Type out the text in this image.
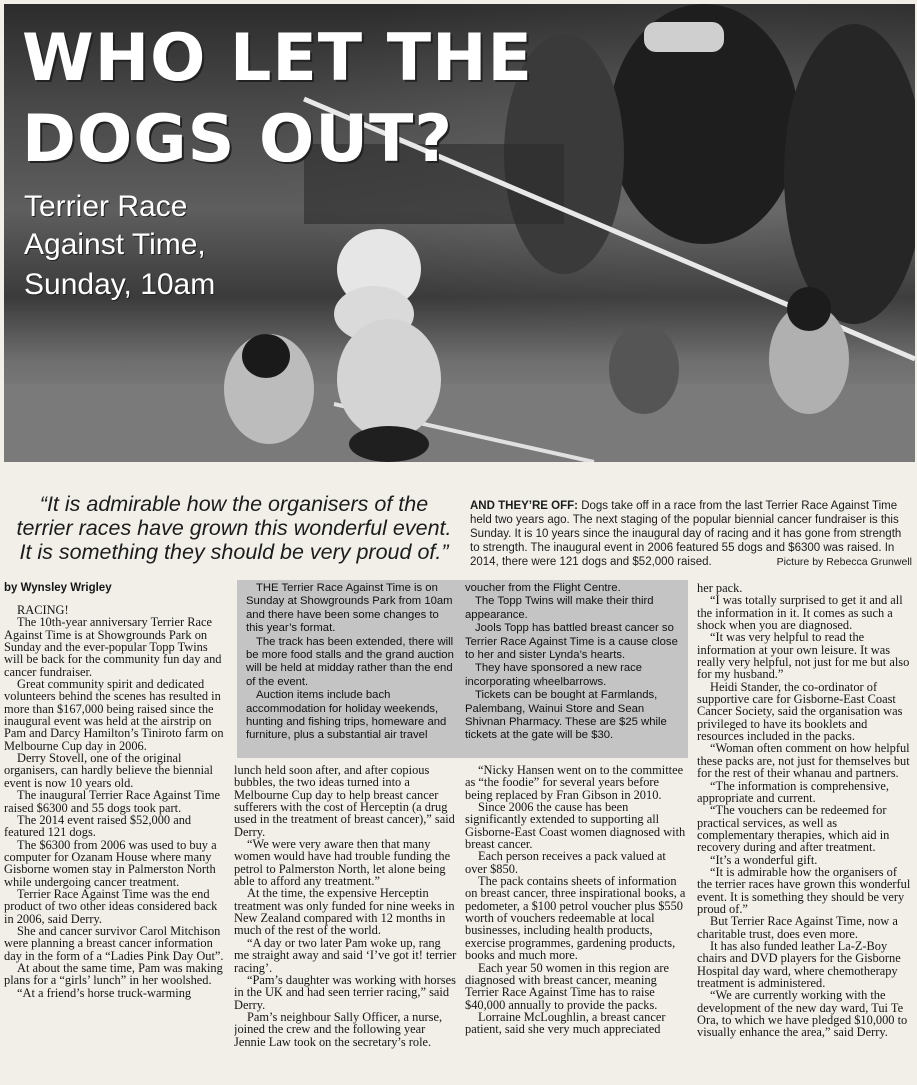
WHO LET THE
DOGS OUT?
Terrier Race
Against Time,
Sunday, 10am
“It is admirable how the organisers of the terrier races have grown this wonderful event. It is something they should be very proud of.”
AND THEY’RE OFF: Dogs take off in a race from the last Terrier Race Against Time held two years ago. The next staging of the popular biennial cancer fundraiser is this Sunday. It is 10 years since the inaugural day of racing and it has gone from strength to strength. The inaugural event in 2006 featured 55 dogs and $6300 was raised. In 2014, there were 121 dogs and $52,000 raised.	Picture by Rebecca Grunwell
by Wynsley Wrigley	THE Terrier Race Against Time is on Sunday at Showgrounds Park from 10am and there have been some changes to this year’s format.

The track has been extended, there will be more food stalls and the grand auction will be held at midday rather than the end of the event.

Auction items include bach accommodation for holiday weekends, hunting and fishing trips, homeware and furniture, plus a substantial air travel

voucher from the Flight Centre.

The Topp Twins will make their third appearance.

Jools Topp has battled breast cancer so Terrier Race Against Time is a cause close to her and sister Lynda’s hearts.

They have sponsored a new race incorporating wheelbarrows.

Tickets can be bought at Farmlands, Palembang, Wainui Store and Sean Shivnan Pharmacy. These are $25 while tickets at the gate will be $30.

RACING!

The 10th-year anniversary Terrier Race Against Time is at Showgrounds Park on Sunday and the ever-popular Topp Twins will be back for the community fun day and cancer fundraiser.

Great community spirit and dedicated volunteers behind the scenes has resulted in more than $167,000 being raised since the inaugural event was held at the airstrip on Pam and Darcy Hamilton’s Tiniroto farm on Melbourne Cup day in 2006.

Derry Stovell, one of the original organisers, can hardly believe the biennial event is now 10 years old.

The inaugural Terrier Race Against Time raised $6300 and 55 dogs took part.

The 2014 event raised $52,000 and featured 121 dogs.

The $6300 from 2006 was used to buy a computer for Ozanam House where many Gisborne women stay in Palmerston North while undergoing cancer treatment.

Terrier Race Against Time was the end product of two other ideas considered back in 2006, said Derry.

She and cancer survivor Carol Mitchison were planning a breast cancer information day in the form of a “Ladies Pink Day Out”.

At about the same time, Pam was making plans for a “girls’ lunch” in her woolshed.

“At a friend’s horse truck-warming

lunch held soon after, and after copious bubbles, the two ideas turned into a Melbourne Cup day to help breast cancer sufferers with the cost of Herceptin (a drug used in the treatment of breast cancer),” said Derry.

“We were very aware then that many women would have had trouble funding the petrol to Palmerston North, let alone being able to afford any treatment.”

At the time, the expensive Herceptin treatment was only funded for nine weeks in New Zealand compared with 12 months in much of the rest of the world.

“A day or two later Pam woke up, rang me straight away and said ‘I’ve got it! terrier racing’.

“Pam’s daughter was working with horses in the UK and had seen terrier racing,” said Derry.

Pam’s neighbour Sally Officer, a nurse, joined the crew and the following year Jennie Law took on the secretary’s role.

“Nicky Hansen went on to the committee as “the foodie” for several years before being replaced by Fran Gibson in 2010.

Since 2006 the cause has been significantly extended to supporting all Gisborne-East Coast women diagnosed with breast cancer.

Each person receives a pack valued at over $850.

The pack contains sheets of information on breast cancer, three inspirational books, a pedometer, a $100 petrol voucher plus $550 worth of vouchers redeemable at local businesses, including health products, exercise programmes, gardening products, books and much more.

Each year 50 women in this region are diagnosed with breast cancer, meaning Terrier Race Against Time has to raise $40,000 annually to provide the packs.

Lorraine McLoughlin, a breast cancer patient, said she very much appreciated

her pack.

“I was totally surprised to get it and all the information in it. It comes as such a shock when you are diagnosed.

“It was very helpful to read the information at your own leisure. It was really very helpful, not just for me but also for my husband.”

Heidi Stander, the co-ordinator of supportive care for Gisborne-East Coast Cancer Society, said the organisation was privileged to have its booklets and resources included in the packs.

“Woman often comment on how helpful these packs are, not just for themselves but for the rest of their whanau and partners.

“The information is comprehensive, appropriate and current.

“The vouchers can be redeemed for practical services, as well as complementary therapies, which aid in recovery during and after treatment.

“It’s a wonderful gift.

“It is admirable how the organisers of the terrier races have grown this wonderful event. It is something they should be very proud of.”

But Terrier Race Against Time, now a charitable trust, does even more.

It has also funded leather La-Z-Boy chairs and DVD players for the Gisborne Hospital day ward, where chemotherapy treatment is administered.

“We are currently working with the development of the new day ward, Tui Te Ora, to which we have pledged $10,000 to visually enhance the area,” said Derry.
